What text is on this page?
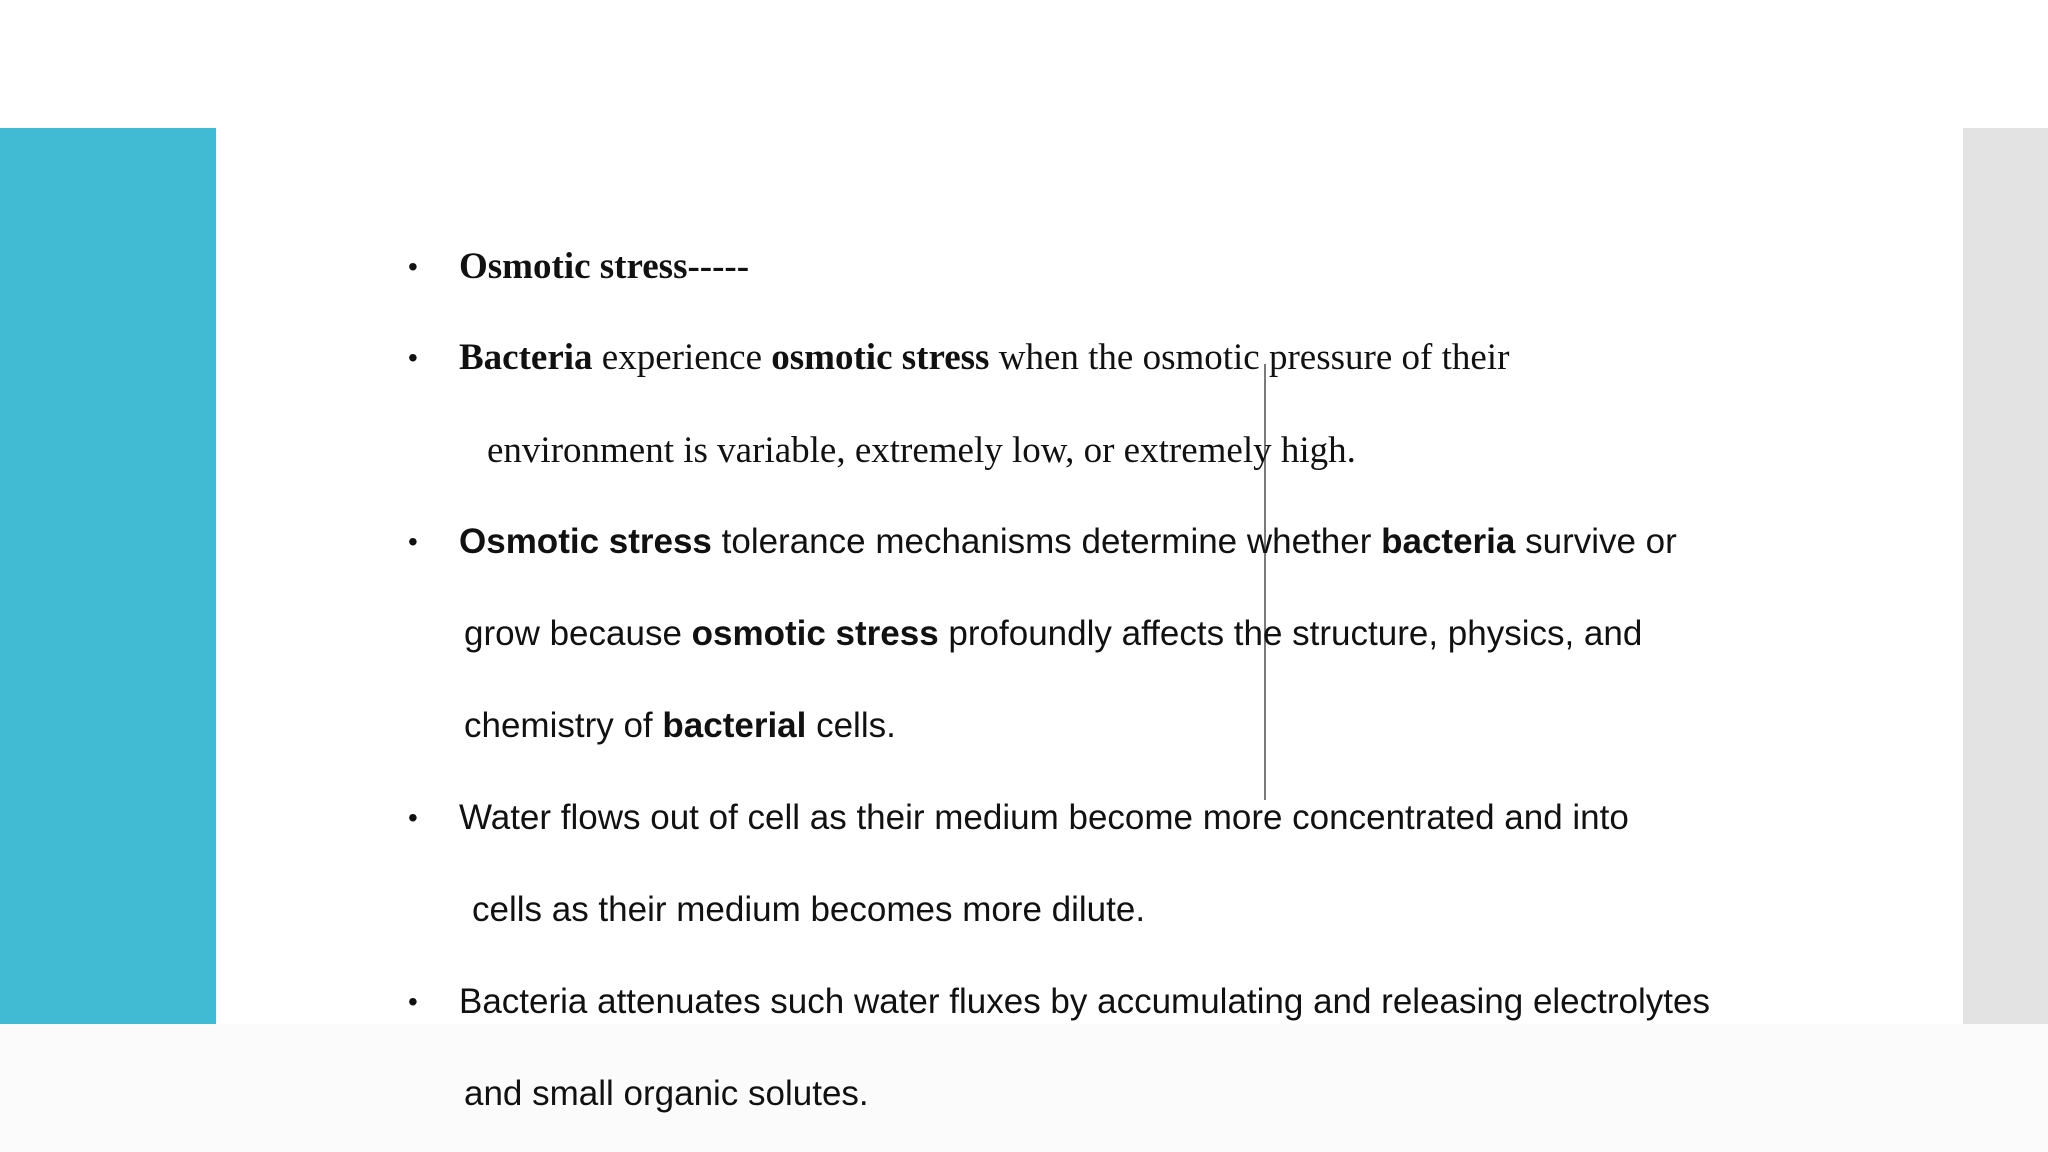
• Osmotic stress-----
• Bacteria experience osmotic stress when the osmotic pressure of their
environment is variable, extremely low, or extremely high.
• Osmotic stress tolerance mechanisms determine whether bacteria survive or
grow because osmotic stress profoundly affects the structure, physics, and
chemistry of bacterial cells.
• Water flows out of cell as their medium become more concentrated and into
cells as their medium becomes more dilute.
• Bacteria attenuates such water fluxes by accumulating and releasing electrolytes
and small organic solutes.
